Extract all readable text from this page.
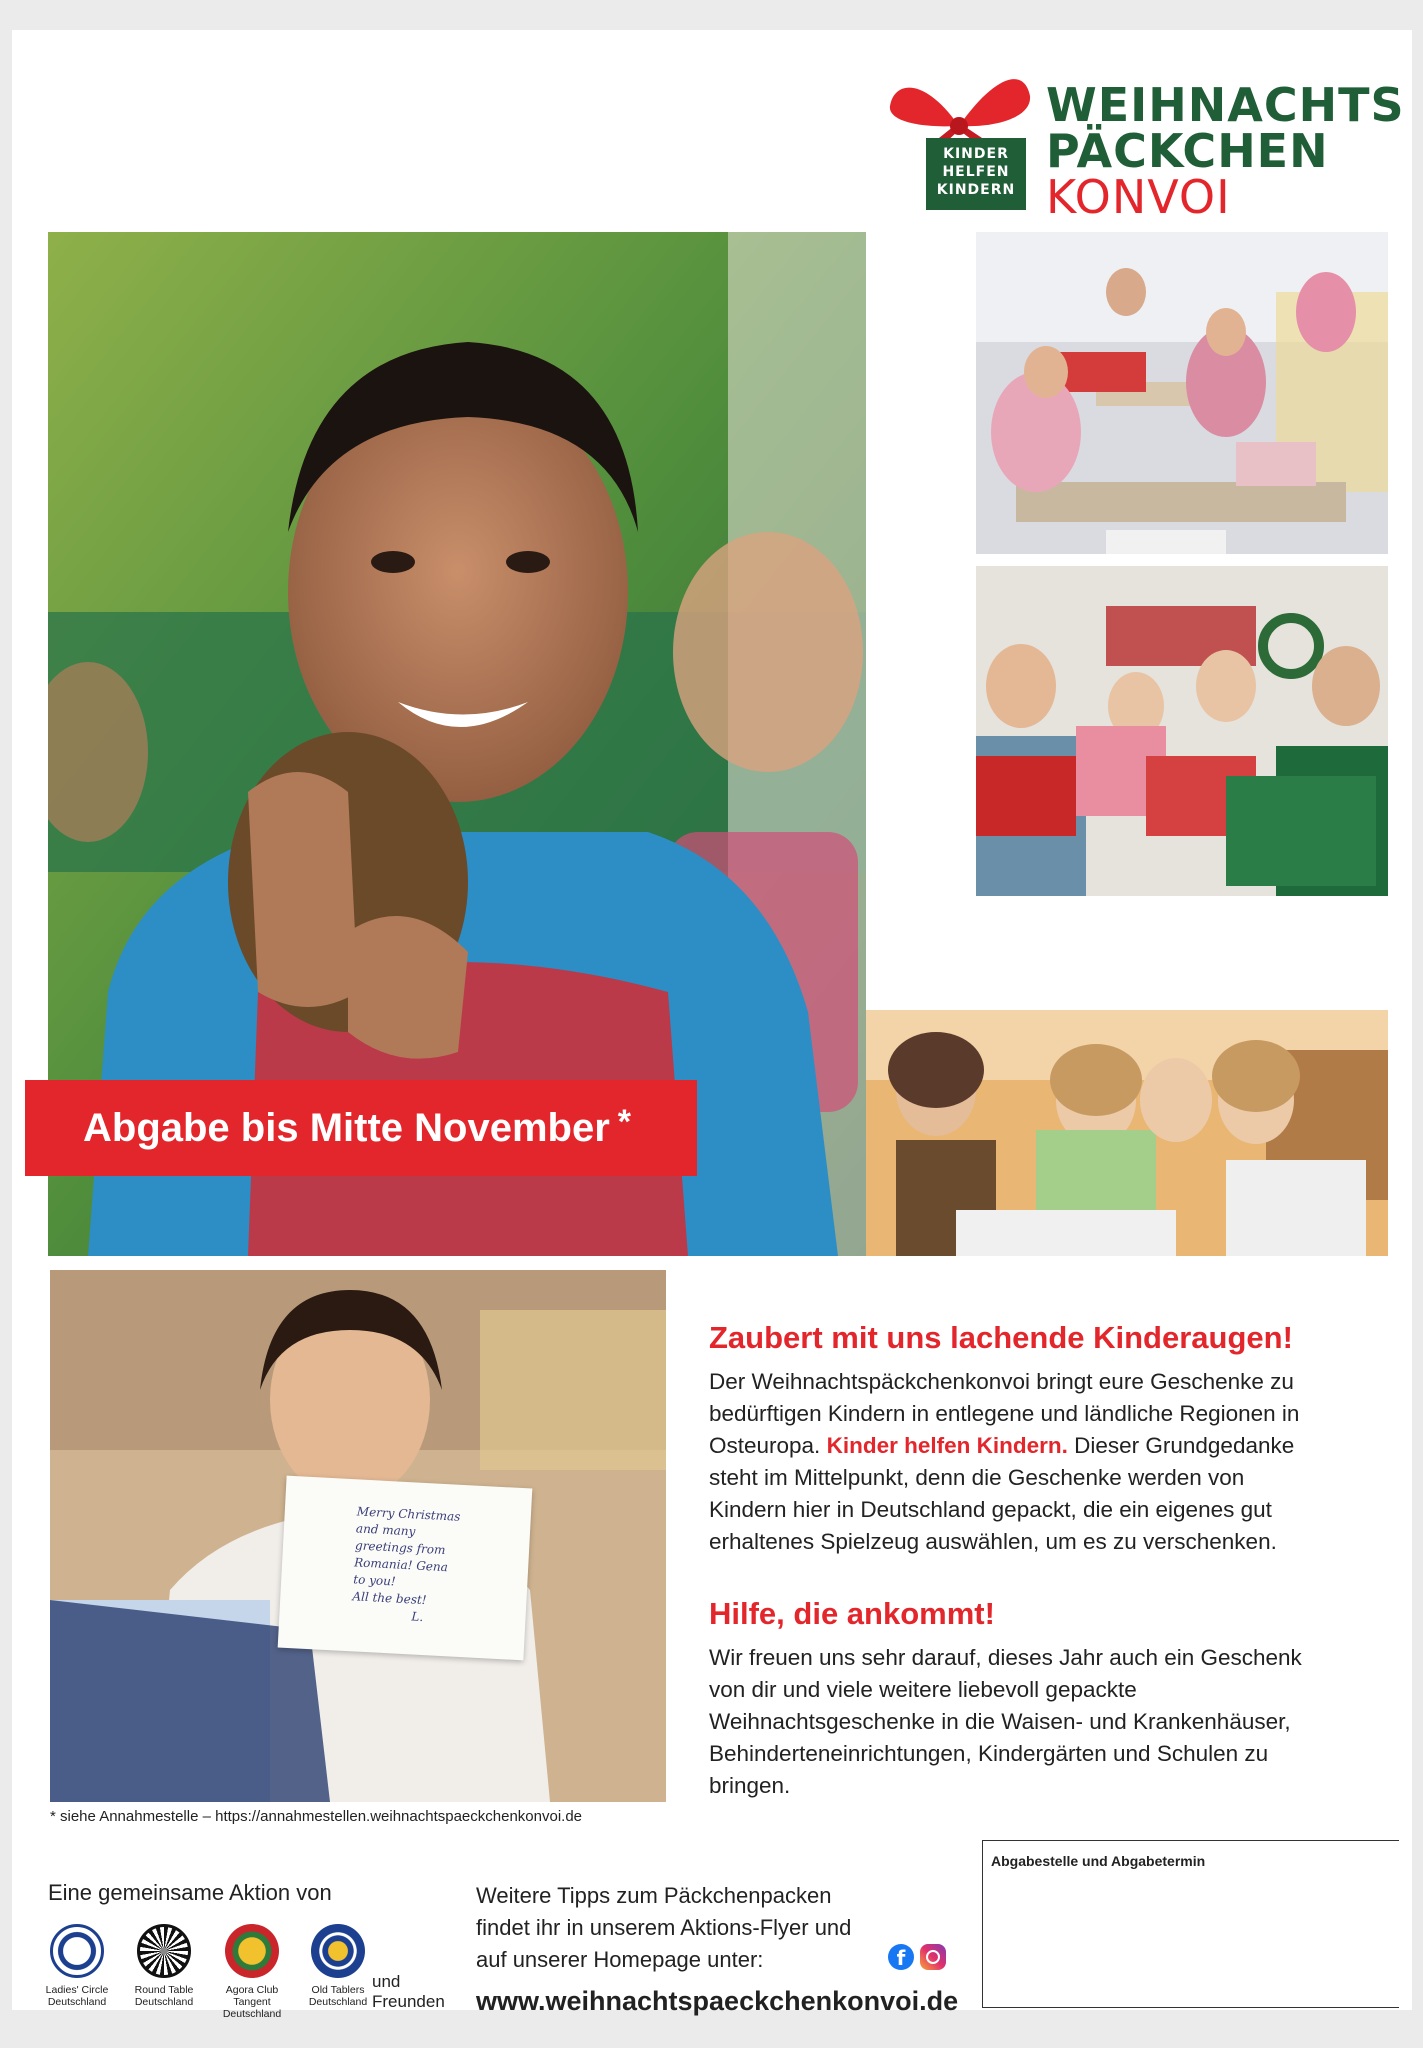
KINDER
HELFEN
KINDERN
WEIHNACHTS
PÄCKCHEN
KONVOI
Abgabe bis Mitte November*
Merry Christmas
and many
greetings from
Romania! Gena
to you!
All the best!
L.
Zaubert mit uns lachende Kinderaugen!
Der Weihnachtspäckchenkonvoi bringt eure Geschenke zu bedürftigen Kindern in entlegene und ländliche Regionen in Osteuropa. Kinder helfen Kindern. Dieser Grundgedanke steht im Mittelpunkt, denn die Geschenke werden von Kindern hier in Deutschland gepackt, die ein eigenes gut erhaltenes Spielzeug auswählen, um es zu verschenken.
Hilfe, die ankommt!
Wir freuen uns sehr darauf, dieses Jahr auch ein Geschenk von dir und viele weitere liebevoll gepackte Weihnachtsgeschenke in die Waisen- und Krankenhäuser, Behinderteneinrichtungen, Kindergärten und Schulen zu bringen.
* siehe Annahmestelle – https://annahmestellen.weihnachtspaeckchenkonvoi.de
Eine gemeinsame Aktion von
Ladies' Circle
Deutschland
Round Table
Deutschland
Agora Club
Tangent
Deutschland
Old Tablers
Deutschland
und
Freunden
Weitere Tipps zum Päckchenpacken
findet ihr in unserem Aktions-Flyer und
auf unserer Homepage unter:	f
www.weihnachtspaeckchenkonvoi.de
Abgabestelle und Abgabetermin
